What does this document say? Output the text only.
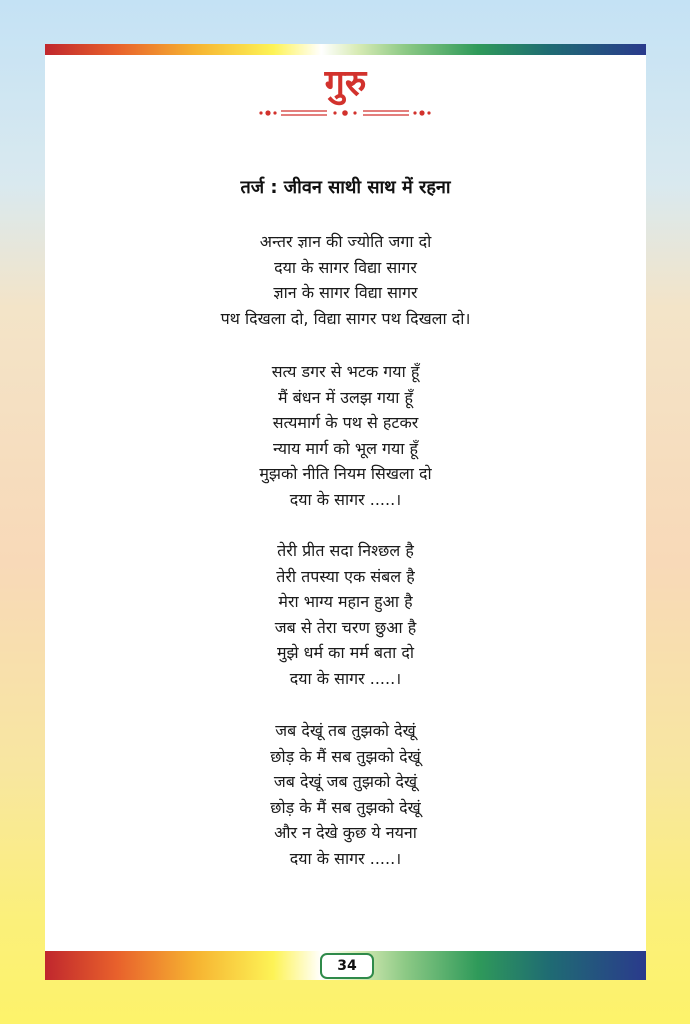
गुरु
तर्ज : जीवन साथी साथ में रहना
अन्तर ज्ञान की ज्योति जगा दो
दया के सागर विद्या सागर
ज्ञान के सागर विद्या सागर
पथ दिखला दो, विद्या सागर पथ दिखला दो।
सत्य डगर से भटक गया हूँ
मैं बंधन में उलझ गया हूँ
सत्यमार्ग के पथ से हटकर
न्याय मार्ग को भूल गया हूँ
मुझको नीति नियम सिखला दो
दया के सागर .....।
तेरी प्रीत सदा निश्छल है
तेरी तपस्या एक संबल है
मेरा भाग्य महान हुआ है
जब से तेरा चरण छुआ है
मुझे धर्म का मर्म बता दो
दया के सागर .....।
जब देखूं तब तुझको देखूं
छोड़ के मैं सब तुझको देखूं
जब देखूं जब तुझको देखूं
छोड़ के मैं सब तुझको देखूं
और न देखे कुछ ये नयना
दया के सागर .....।
34
